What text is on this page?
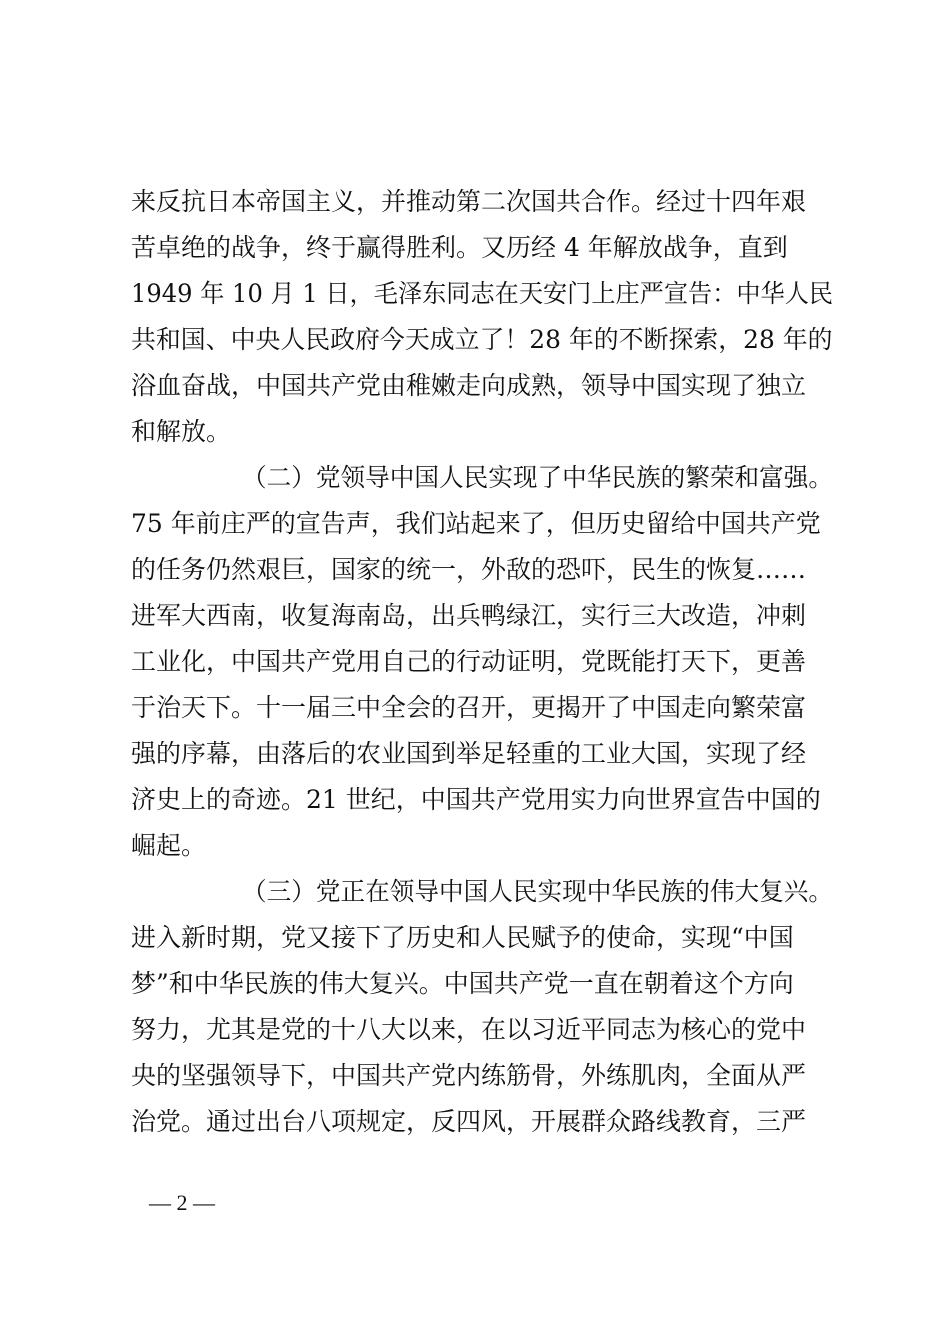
来反抗日本帝国主义，并推动第二次国共合作。经过十四年艰
苦卓绝的战争，终于赢得胜利。又历经 4 年解放战争，直到
1949 年 10 月 1 日，毛泽东同志在天安门上庄严宣告：中华人民
共和国、中央人民政府今天成立了！28 年的不断探索，28 年的
浴血奋战，中国共产党由稚嫩走向成熟，领导中国实现了独立
和解放。
（二）党领导中国人民实现了中华民族的繁荣和富强。
75 年前庄严的宣告声，我们站起来了，但历史留给中国共产党
的任务仍然艰巨，国家的统一，外敌的恐吓，民生的恢复……
进军大西南，收复海南岛，出兵鸭绿江，实行三大改造，冲刺
工业化，中国共产党用自己的行动证明，党既能打天下，更善
于治天下。十一届三中全会的召开，更揭开了中国走向繁荣富
强的序幕，由落后的农业国到举足轻重的工业大国，实现了经
济史上的奇迹。21 世纪，中国共产党用实力向世界宣告中国的
崛起。
（三）党正在领导中国人民实现中华民族的伟大复兴。
进入新时期，党又接下了历史和人民赋予的使命，实现“中国
梦”和中华民族的伟大复兴。中国共产党一直在朝着这个方向
努力，尤其是党的十八大以来，在以习近平同志为核心的党中
央的坚强领导下，中国共产党内练筋骨，外练肌肉，全面从严
治党。通过出台八项规定，反四风，开展群众路线教育，三严
— 2 —
